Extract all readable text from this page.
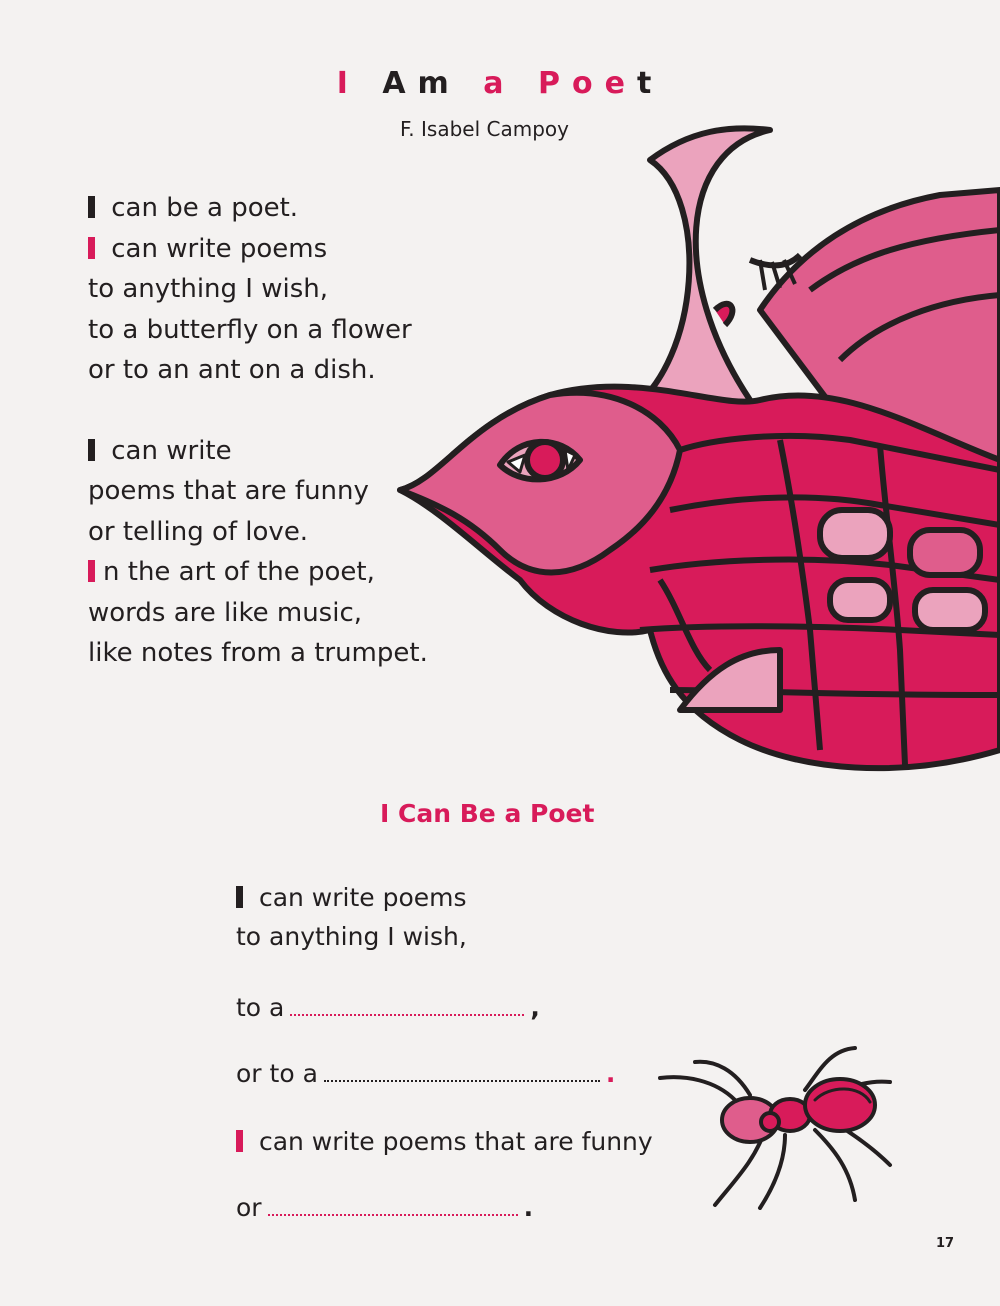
I Am a Poet
F. Isabel Campoy
can be a poet.
can write poems
to anything I wish,
to a butterfly on a flower
or to an ant on a dish.
can write
poems that are funny
or telling of love.
n the art of the poet,
words are like music,
like notes from a trumpet.
I Can Be a Poet
can write poems
to anything I wish,
to a	,
or to a	.
can write poems that are funny
or	.
17
